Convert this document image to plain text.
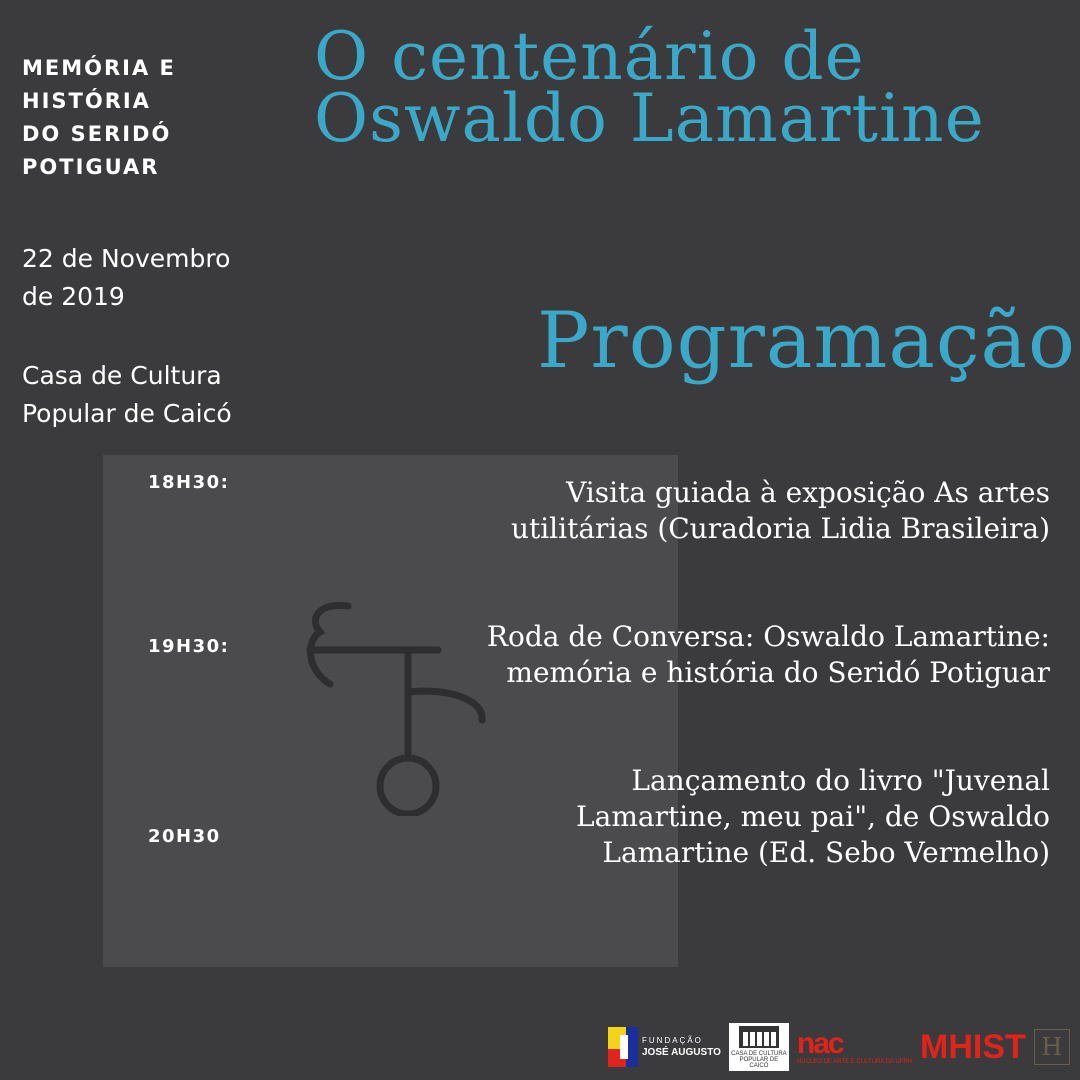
MEMÓRIA E
HISTÓRIA
DO SERIDÓ
POTIGUAR
22 de Novembro
de 2019
Casa de Cultura
Popular de Caicó
O centenário de
Oswaldo Lamartine
Programação
18H30:	Visita guiada à exposição As artes
utilitárias (Curadoria Lidia Brasileira)
19H30:	Roda de Conversa: Oswaldo Lamartine:
memória e história do Seridó Potiguar
20H30
Lançamento do livro "Juvenal
Lamartine, meu pai", de Oswaldo
Lamartine (Ed. Sebo Vermelho)
FUNDAÇÃO
JOSÉ AUGUSTO CASA DE CULTURA
POPULAR DE CAICÓ
nac
NÚCLEO DE ARTE E CULTURA DA UFRN MHIST H
